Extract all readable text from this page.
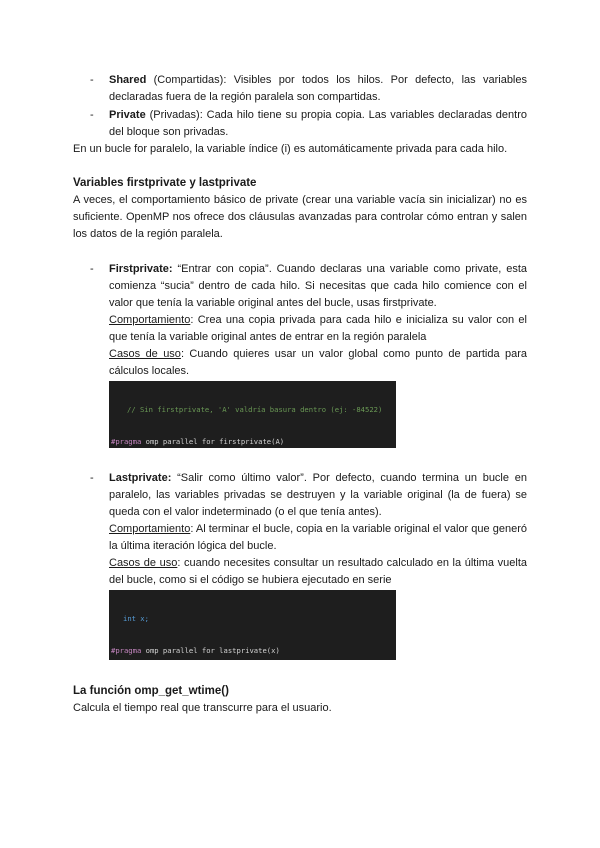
- Shared (Compartidas): Visibles por todos los hilos. Por defecto, las variables declaradas fuera de la región paralela son compartidas.
- Private (Privadas): Cada hilo tiene su propia copia. Las variables declaradas dentro del bloque son privadas.
En un bucle for paralelo, la variable índice (i) es automáticamente privada para cada hilo.
Variables firstprivate y lastprivate
A veces, el comportamiento básico de private (crear una variable vacía sin inicializar) no es suficiente. OpenMP nos ofrece dos cláusulas avanzadas para controlar cómo entran y salen los datos de la región paralela.
- Firstprivate: “Entrar con copia”. Cuando declaras una variable como private, esta comienza “sucia” dentro de cada hilo. Si necesitas que cada hilo comience con el valor que tenía la variable original antes del bucle, usas firstprivate.
Comportamiento: Crea una copia privada para cada hilo e inicializa su valor con el que tenía la variable original antes de entrar en la región paralela
Casos de uso: Cuando quieres usar un valor global como punto de partida para cálculos locales.

// Sin firstprivate, 'A' valdría basura dentro (ej: -84522)

#pragma omp parallel for firstprivate(A)

- Lastprivate: “Salir como último valor”. Por defecto, cuando termina un bucle en paralelo, las variables privadas se destruyen y la variable original (la de fuera) se queda con el valor indeterminado (o el que tenía antes).
Comportamiento: Al terminar el bucle, copia en la variable original el valor que generó la última iteración lógica del bucle.
Casos de uso: cuando necesites consultar un resultado calculado en la última vuelta del bucle, como si el código se hubiera ejecutado en serie

int x;

#pragma omp parallel for lastprivate(x)

La función omp_get_wtime()
Calcula el tiempo real que transcurre para el usuario.
